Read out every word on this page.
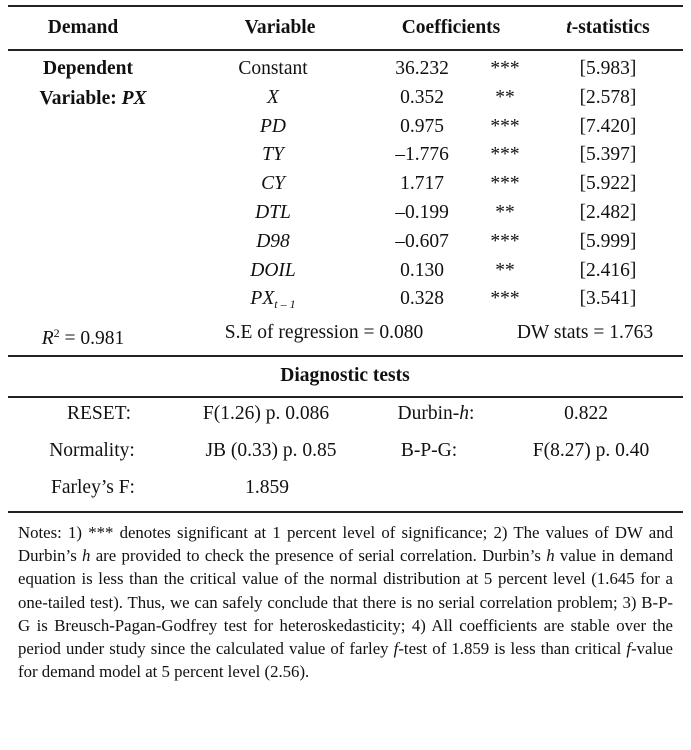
Demand	Variable	Coefficients	t-statistics
Dependent
Variable: PX
Constant	36.232 ***	[5.983]
X	0.352	**	[2.578]
PD	0.975 ***	[7.420]
TY	–1.776 ***	[5.397]
CY	1.717 ***	[5.922]
DTL	–0.199 **	[2.482]
D98	–0.607 ***	[5.999]
DOIL	0.130	**	[2.416]
$PX_{t - 1}$	0.328 ***	[3.541]
$R^2 = 0.981$	S.E of regression = 0.080	DW stats = 1.763
Diagnostic tests
RESET:	F(1.26) p. 0.086	Durbin-h:	0.822
Normality:	JB (0.33) p. 0.85	B-P-G:	F(8.27) p. 0.40
Farley’s F:	1.859
Notes: 1) *** denotes significant at 1 percent level of significance; 2) The values of DW and Durbin’s h are provided to check the presence of serial correlation. Durbin’s h value in demand equation is less than the critical value of the normal distribution at 5 percent level (1.645 for a one-tailed test). Thus, we can safely conclude that there is no serial correlation problem; 3) B-P-G is Breusch-Pagan-Godfrey test for heteroskedasticity; 4) All coefficients are stable over the period under study since the calculated value of farley f-test of 1.859 is less than critical f-value for demand model at 5 percent level (2.56).
